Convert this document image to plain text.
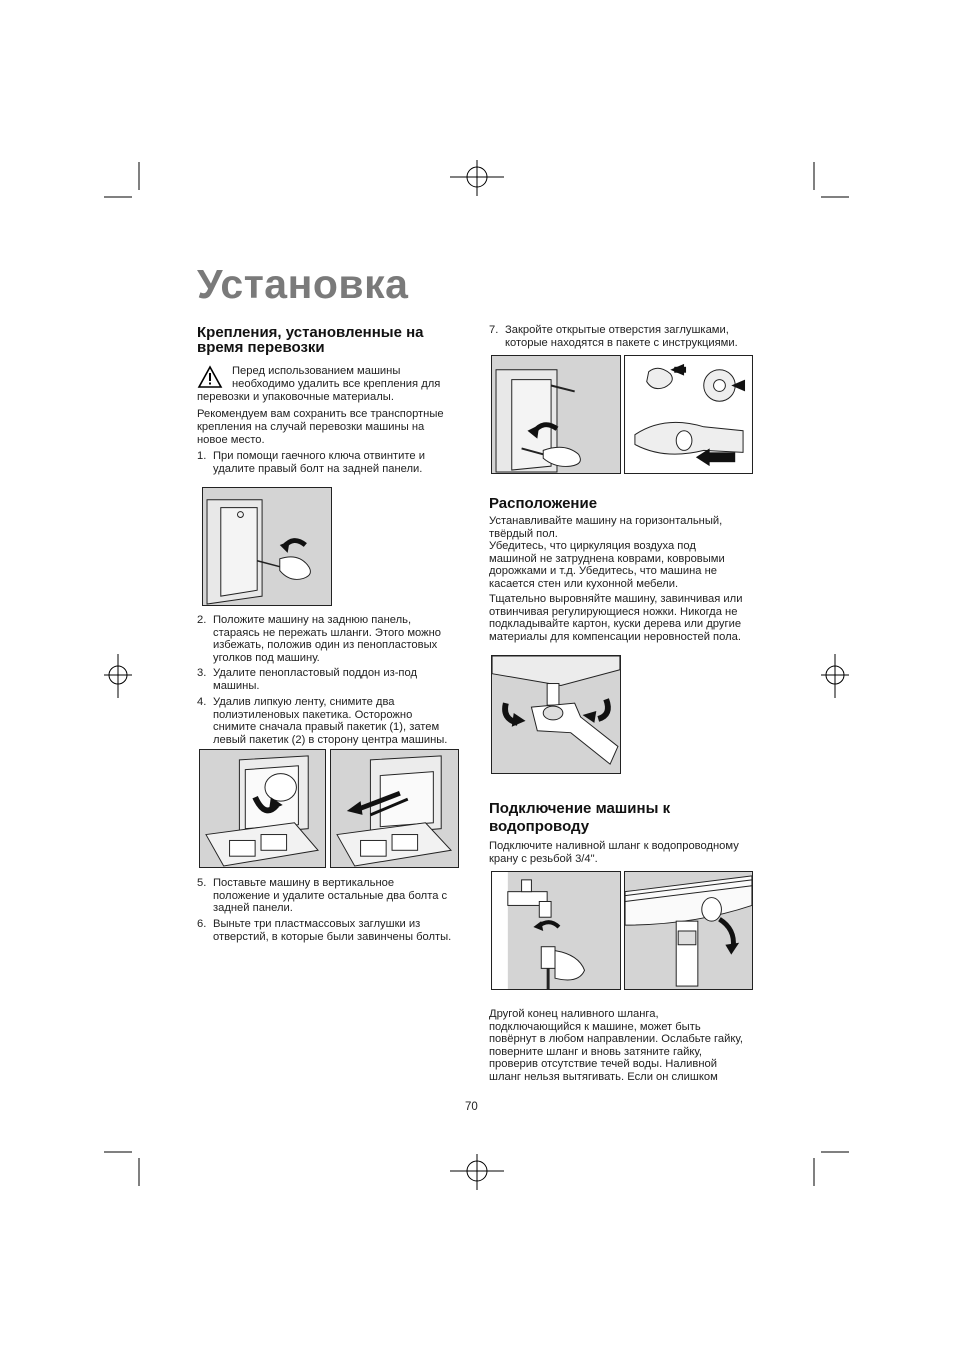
Установка

Крепления, установленные на время перевозки

Перед использованием машины

необходимо удалить все крепления для

перевозки и упаковочные материалы.

Рекомендуем вам сохранить все транспортные

крепления на случай перевозки машины на

новое место.

1. При помощи гаечного ключа отвинтите и
удалите правый болт на задней панели.
2. Положите машину на заднюю панель,
стараясь не пережать шланги. Этого можно
избежать, положив один из пенопластовых
уголков под машину.
3. Удалите пенопластовый поддон из-под
машины.
4. Удалив липкую ленту, снимите два
полиэтиленовых пакетика. Осторожно
снимите сначала правый пакетик (1), затем
левый пакетик (2) в сторону центра машины.
5. Поставьте машину в вертикальное
положение и удалите остальные два болта с
задней панели.
6. Выньте три пластмассовых заглушки из
отверстий, в которые были завинчены болты.
7. Закройте открытые отверстия заглушками,
которые находятся в пакете с инструкциями.

Расположение

Устанавливайте машину на горизонтальный,
твёрдый пол.
Убедитесь, что циркуляция воздуха под
машиной не затруднена коврами, ковровыми
дорожками и т.д. Убедитесь, что машина не
касается стен или кухонной мебели.
Тщательно выровняйте машину, завинчивая или
отвинчивая регулирующиеся ножки. Никогда не
подкладывайте картон, куски дерева или другие
материалы для компенсации неровностей пола.

Подключение машины к

водопроводу

Подключите наливной шланг к водопроводному
крану с резьбой 3/4".
Другой конец наливного шланга,
подключающийся к машине, может быть
повёрнут в любом направлении. Ослабьте гайку,
поверните шланг и вновь затяните гайку,
проверив отсутствие течей воды. Наливной
шланг нельзя вытягивать. Если он слишком

70
